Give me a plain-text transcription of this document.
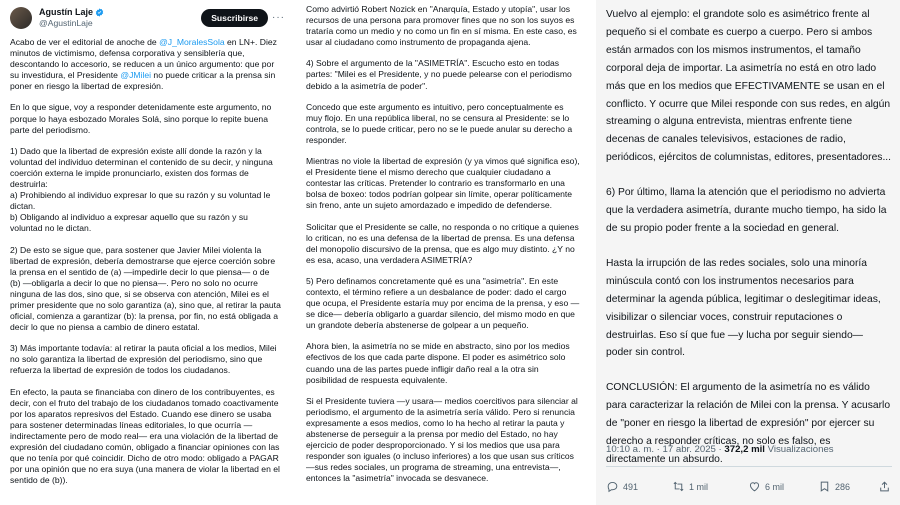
Agustín Laje
@AgustinLaje	Suscribirse	···

Acabo de ver el editorial de anoche de @J_MoralesSola en LN+. Diez minutos de victimismo, defensa corporativa y sensiblería que, descontando lo accesorio, se reducen a un único argumento: que por su investidura, el Presidente @JMilei no puede criticar a la prensa sin poner en riesgo la libertad de expresión.

En lo que sigue, voy a responder detenidamente este argumento, no porque lo haya esbozado Morales Solá, sino porque lo repite buena parte del periodismo.

1) Dado que la libertad de expresión existe allí donde la razón y la voluntad del individuo determinan el contenido de su decir, y ninguna coerción externa le impide pronunciarlo, existen dos formas de destruirla:

a) Prohibiendo al individuo expresar lo que su razón y su voluntad le dictan.

b) Obligando al individuo a expresar aquello que su razón y su voluntad no le dictan.

2) De esto se sigue que, para sostener que Javier Milei violenta la libertad de expresión, debería demostrarse que ejerce coerción sobre la prensa en el sentido de (a) —impedirle decir lo que piensa— o de (b) —obligarla a decir lo que no piensa—. Pero no solo no ocurre ninguna de las dos, sino que, si se observa con atención, Milei es el primer presidente que no solo garantiza (a), sino que, al retirar la pauta oficial, comienza a garantizar (b): la prensa, por fin, no está obligada a decir lo que no piensa a cambio de dinero estatal.

3) Más importante todavía: al retirar la pauta oficial a los medios, Milei no solo garantiza la libertad de expresión del periodismo, sino que refuerza la libertad de expresión de todos los ciudadanos.

En efecto, la pauta se financiaba con dinero de los contribuyentes, es decir, con el fruto del trabajo de los ciudadanos tomado coactivamente por los aparatos represivos del Estado. Cuando ese dinero se usaba para sostener determinadas líneas editoriales, lo que ocurría —indirectamente pero de modo real— era una violación de la libertad de expresión del ciudadano común, obligado a financiar opiniones con las que no tenía por qué coincidir. Dicho de otro modo: obligado a PAGAR por una opinión que no era suya (una manera de violar la libertad en el sentido de (b)).

Como advirtió Robert Nozick en "Anarquía, Estado y utopía", usar los recursos de una persona para promover fines que no son los suyos es trataría como un medio y no como un fin en sí misma. En este caso, es usar al ciudadano como instrumento de propaganda ajena.

4) Sobre el argumento de la "ASIMETRÍA". Escucho esto en todas partes: "Milei es el Presidente, y no puede pelearse con el periodismo debido a la asimetría de poder".

Concedo que este argumento es intuitivo, pero conceptualmente es muy flojo. En una república liberal, no se censura al Presidente: se lo controla, se lo puede criticar, pero no se le puede anular su derecho a responder.

Mientras no viole la libertad de expresión (y ya vimos qué significa eso), el Presidente tiene el mismo derecho que cualquier ciudadano a contestar las críticas. Pretender lo contrario es transformarlo en una bolsa de boxeo: todos podrían golpear sin límite, operar políticamente sin freno, ante un sujeto amordazado e impedido de defenderse.

Solicitar que el Presidente se calle, no responda o no critique a quienes lo critican, no es una defensa de la libertad de prensa. Es una defensa del monopolio discursivo de la prensa, que es algo muy distinto. ¿Y no es esa, acaso, una verdadera ASIMETRÍA?

5) Pero definamos concretamente qué es una "asimetría". En este contexto, el término refiere a un desbalance de poder: dado el cargo que ocupa, el Presidente estaría muy por encima de la prensa, y eso —se dice— debería obligarlo a guardar silencio, del mismo modo en que un grandote debería abstenerse de golpear a un pequeño.

Ahora bien, la asimetría no se mide en abstracto, sino por los medios efectivos de los que cada parte dispone. El poder es asimétrico solo cuando una de las partes puede infligir daño real a la otra sin posibilidad de respuesta equivalente.

Si el Presidente tuviera —y usara— medios coercitivos para silenciar al periodismo, el argumento de la asimetría sería válido. Pero si renuncia expresamente a esos medios, como lo ha hecho al retirar la pauta y abstenerse de perseguir a la prensa por medio del Estado, no hay ejercicio de poder desproporcionado. Y si los medios que usa para responder son iguales (o incluso inferiores) a los que usan sus críticos —sus redes sociales, un programa de streaming, una entrevista—, entonces la "asimetría" invocada se desvanece.

Vuelvo al ejemplo: el grandote solo es asimétrico frente al pequeño si el combate es cuerpo a cuerpo. Pero si ambos están armados con los mismos instrumentos, el tamaño corporal deja de importar. La asimetría no está en otro lado más que en los medios que EFECTIVAMENTE se usan en el conflicto. Y ocurre que Milei responde con sus redes, en algún streaming o alguna entrevista, mientras enfrente tiene decenas de canales televisivos, estaciones de radio, periódicos, ejércitos de columnistas, editores, presentadores...

6) Por último, llama la atención que el periodismo no advierta que la verdadera asimetría, durante mucho tiempo, ha sido la de su propio poder frente a la sociedad en general.

Hasta la irrupción de las redes sociales, solo una minoría minúscula contó con los instrumentos necesarios para determinar la agenda pública, legitimar o deslegitimar ideas, visibilizar o silenciar voces, construir reputaciones o destruirlas. Eso sí que fue —y lucha por seguir siendo— poder sin control.

CONCLUSIÓN: El argumento de la asimetría no es válido para caracterizar la relación de Milei con la prensa. Y acusarlo de "poner en riesgo la libertad de expresión" por ejercer su derecho a responder críticas, no solo es falso, es directamente un absurdo.

10:10 a. m. · 17 abr. 2025 · 372,2 mil Visualizaciones
491	1 mil	6 mil	286
